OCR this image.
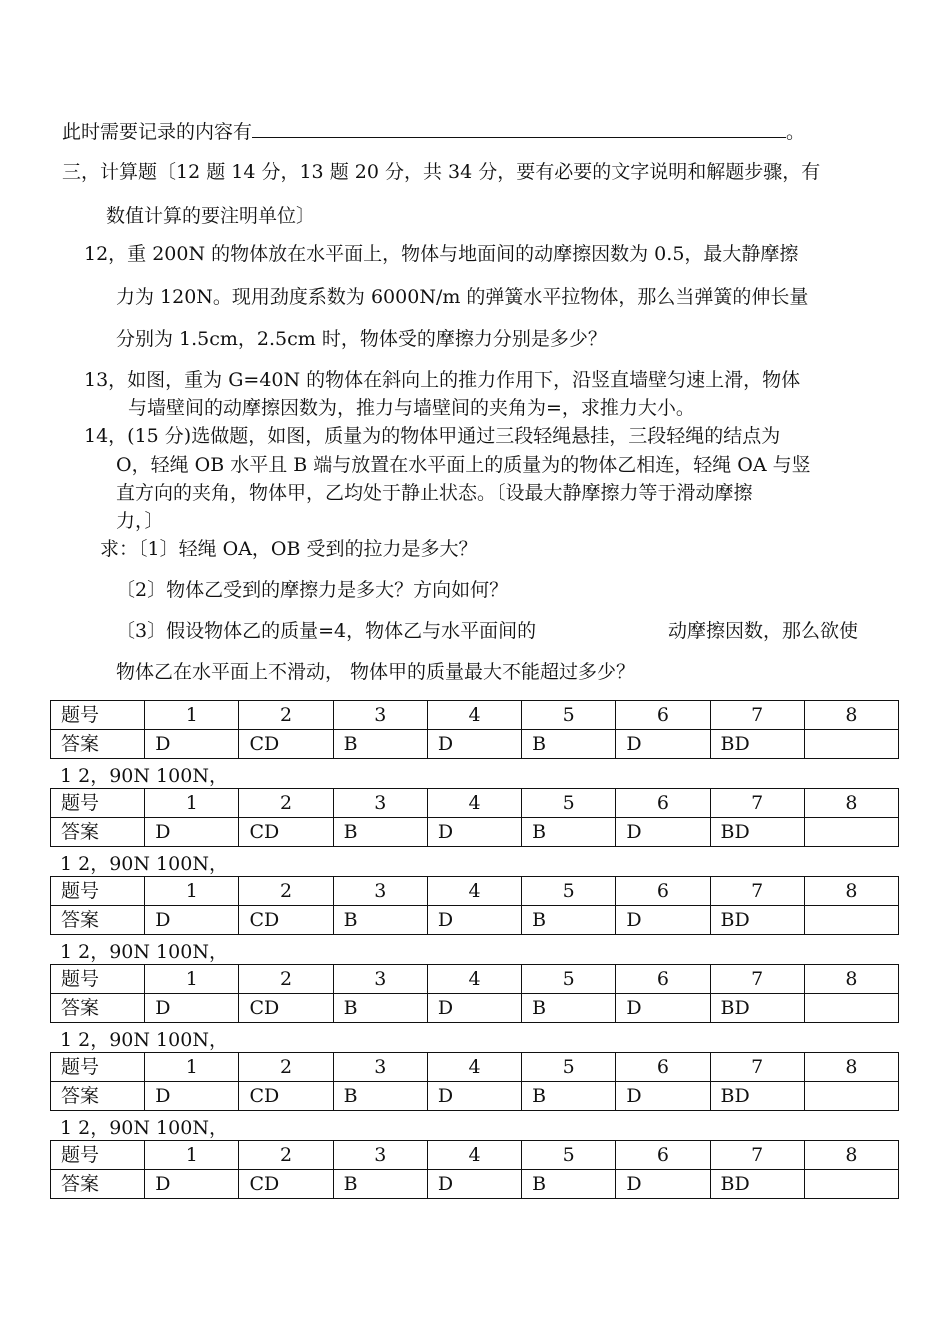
此时需要记录的内容有	。
三，计算题〔12 题 14 分，13 题 20 分，共 34 分，要有必要的文字说明和解题步骤，有
数值计算的要注明单位〕
12，重 200N 的物体放在水平面上，物体与地面间的动摩擦因数为 0.5，最大静摩擦
力为 120N。现用劲度系数为 6000N/m 的弹簧水平拉物体，那么当弹簧的伸长量
分别为 1.5cm，2.5cm 时，物体受的摩擦力分别是多少？
13，如图，重为 G=40N 的物体在斜向上的推力作用下，沿竖直墙壁匀速上滑，物体
与墙壁间的动摩擦因数为，推力与墙壁间的夹角为=，求推力大小。
14，(15 分)选做题，如图，质量为的物体甲通过三段轻绳悬挂，三段轻绳的结点为
O，轻绳 OB 水平且 B 端与放置在水平面上的质量为的物体乙相连，轻绳 OA 与竖
直方向的夹角，物体甲，乙均处于静止状态。〔设最大静摩擦力等于滑动摩擦
力，〕
求：〔1〕轻绳 OA，OB 受到的拉力是多大？
〔2〕物体乙受到的摩擦力是多大？方向如何？
〔3〕假设物体乙的质量=4，物体乙与水平面间的	动摩擦因数，那么欲使
物体乙在水平面上不滑动， 物体甲的质量最大不能超过多少？
题号	1	2	3	4	5	6	7	8
答案	D	CD	B	D	B	D	BD	
1 2，90N 100N，
题号	1	2	3	4	5	6	7	8
答案	D	CD	B	D	B	D	BD	
1 2，90N 100N，
题号	1	2	3	4	5	6	7	8
答案	D	CD	B	D	B	D	BD	
1 2，90N 100N，
题号	1	2	3	4	5	6	7	8
答案	D	CD	B	D	B	D	BD	
1 2，90N 100N，
题号	1	2	3	4	5	6	7	8
答案	D	CD	B	D	B	D	BD	
1 2，90N 100N，
题号	1	2	3	4	5	6	7	8
答案	D	CD	B	D	B	D	BD	
